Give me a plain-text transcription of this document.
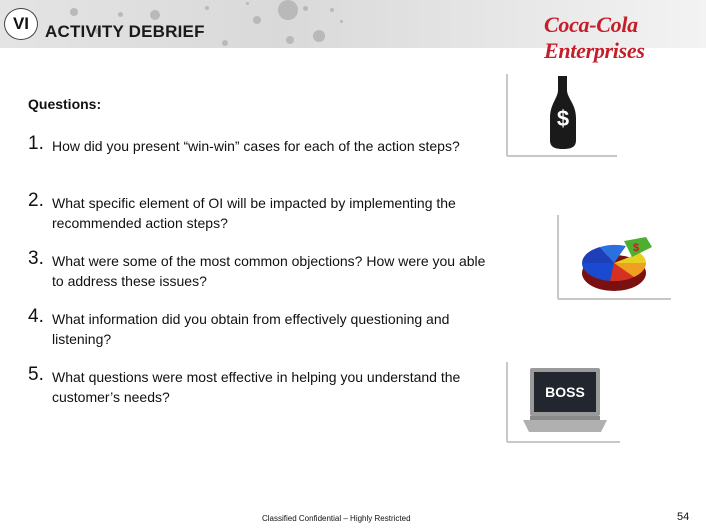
VI ACTIVITY DEBRIEF	Coca-Cola Enterprises
Questions:
1. How did you present “win-win” cases for each of the action steps?
2. What specific element of OI will be impacted by implementing the recommended action steps?
3. What were some of the most common objections? How were you able to address these issues?
4. What information did you obtain from effectively questioning and listening?
5. What questions were most effective in helping you understand the customer’s needs?
$
$
BOSS
Classified Confidential – Highly Restricted	54
